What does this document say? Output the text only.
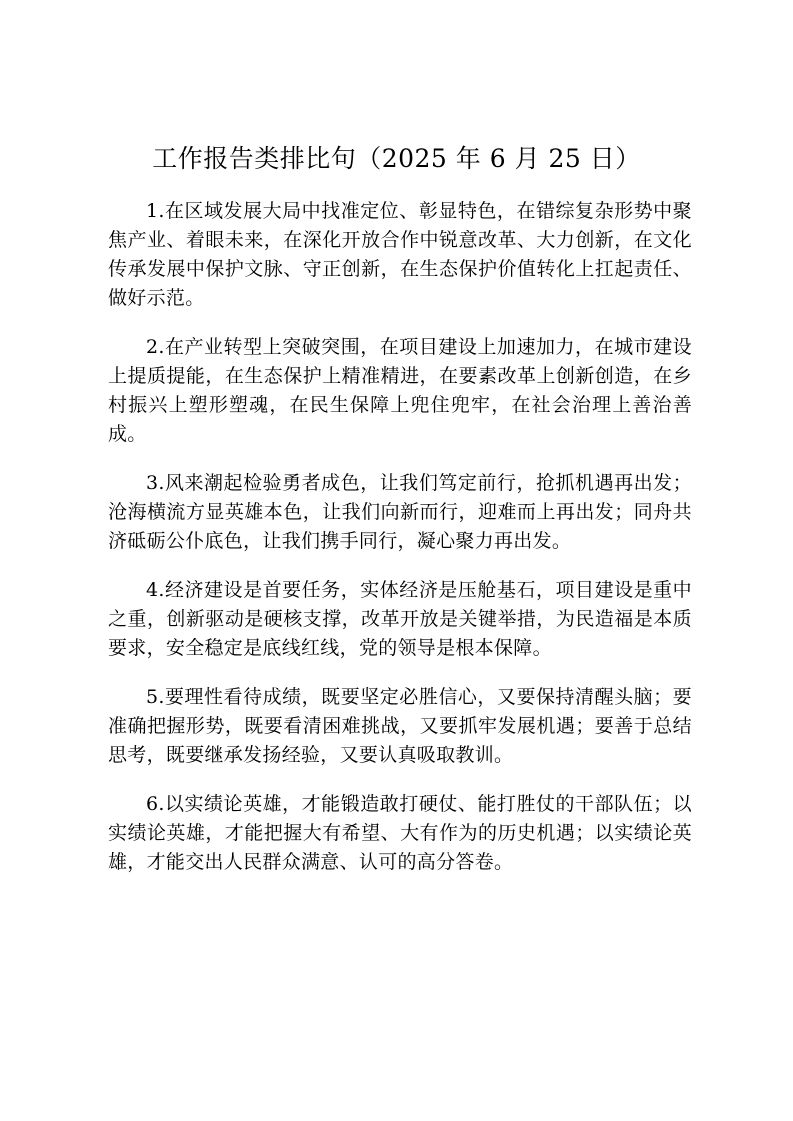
工作报告类排比句（2025 年 6 月 25 日）

1.在区域发展大局中找准定位、彰显特色，在错综复杂形势中聚焦产业、着眼未来，在深化开放合作中锐意改革、大力创新，在文化传承发展中保护文脉、守正创新，在生态保护价值转化上扛起责任、做好示范。

2.在产业转型上突破突围，在项目建设上加速加力，在城市建设上提质提能，在生态保护上精准精进，在要素改革上创新创造，在乡村振兴上塑形塑魂，在民生保障上兜住兜牢，在社会治理上善治善成。

3.风来潮起检验勇者成色，让我们笃定前行，抢抓机遇再出发；沧海横流方显英雄本色，让我们向新而行，迎难而上再出发；同舟共济砥砺公仆底色，让我们携手同行，凝心聚力再出发。

4.经济建设是首要任务，实体经济是压舱基石，项目建设是重中之重，创新驱动是硬核支撑，改革开放是关键举措，为民造福是本质要求，安全稳定是底线红线，党的领导是根本保障。

5.要理性看待成绩，既要坚定必胜信心，又要保持清醒头脑；要准确把握形势，既要看清困难挑战，又要抓牢发展机遇；要善于总结思考，既要继承发扬经验，又要认真吸取教训。

6.以实绩论英雄，才能锻造敢打硬仗、能打胜仗的干部队伍；以实绩论英雄，才能把握大有希望、大有作为的历史机遇；以实绩论英雄，才能交出人民群众满意、认可的高分答卷。
